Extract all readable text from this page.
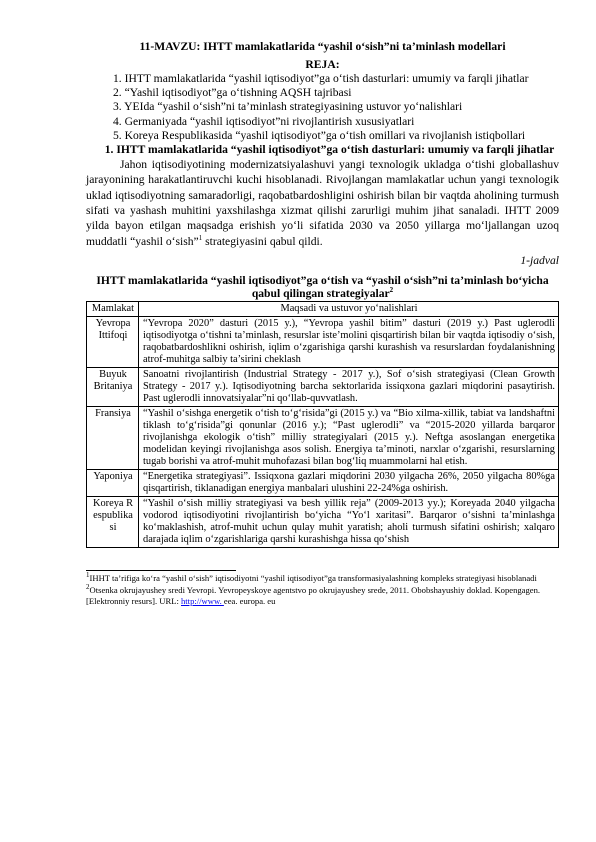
11-MAVZU: IHTT mamlakatlarida “yashil o‘sish”ni ta’minlash modellari

REJA:

1. IHTT mamlakatlarida “yashil iqtisodiyot”ga o‘tish dasturlari: umumiy va farqli jihatlar
2. “Yashil iqtisodiyot”ga o‘tishning AQSH tajribasi
3. YEIda “yashil o‘sish”ni ta’minlash strategiyasining ustuvor yo‘nalishlari
4. Germaniyada “yashil iqtisodiyot”ni rivojlantirish xususiyatlari
5. Koreya Respublikasida “yashil iqtisodiyot”ga o‘tish omillari va rivojlanish istiqbollari

1. IHTT mamlakatlarida “yashil iqtisodiyot”ga o‘tish dasturlari: umumiy va farqli jihatlar

Jahon iqtisodiyotining modernizatsiyalashuvi yangi texnologik ukladga o‘tishi globallashuv jarayonining harakatlantiruvchi kuchi hisoblanadi. Rivojlangan mamlakatlar uchun yangi texnologik uklad iqtisodiyotning samaradorligi, raqobatbardoshligini oshirish bilan bir vaqtda aholining turmush sifati va yashash muhitini yaxshilashga xizmat qilishi zarurligi muhim jihat sanaladi. IHTT 2009 yilda bayon etilgan maqsadga erishish yo‘li sifatida 2030 va 2050 yillarga mo‘ljallangan uzoq muddatli “yashil o‘sish”$^1$ strategiyasini qabul qildi.

1-jadval

IHTT mamlakatlarida “yashil iqtisodiyot”ga o‘tish va “yashil o‘sish”ni ta’minlash bo‘yicha qabul qilingan strategiyalar$^2$

Mamlakat	Maqsadi va ustuvor yo‘nalishlari
Yevropa Ittifoqi	“Yevropa 2020” dasturi (2015 y.), “Yevropa yashil bitim” dasturi (2019 y.) Past uglerodli iqtisodiyotga o‘tishni ta’minlash, resurslar iste’molini qisqartirish bilan bir vaqtda iqtisodiy o‘sish, raqobatbardoshlikni oshirish, iqlim o‘zgarishiga qarshi kurashish va resurslardan foydalanishning atrof-muhitga salbiy ta’sirini cheklash
Buyuk Britaniya	Sanoatni rivojlantirish (Industrial Strategy - 2017 y.), Sof o‘sish strategiyasi (Clean Growth Strategy - 2017 y.). Iqtisodiyotning barcha sektorlarida issiqxona gazlari miqdorini pasaytirish. Past uglerodli innovatsiyalar”ni qo‘llab-quvvatlash.
Fransiya	“Yashil o‘sishga energetik o‘tish to‘g‘risida”gi (2015 y.) va “Bio xilma-xillik, tabiat va landshaftni tiklash to‘g‘risida”gi qonunlar (2016 y.); “Past uglerodli” va “2015-2020 yillarda barqaror rivojlanishga ekologik o‘tish” milliy strategiyalari (2015 y.). Neftga asoslangan energetika modelidan keyingi rivojlanishga asos solish. Energiya ta’minoti, narxlar o‘zgarishi, resurslarning tugab borishi va atrof-muhit muhofazasi bilan bog‘liq muammolarni hal etish.
Yaponiya	“Energetika strategiyasi”. Issiqxona gazlari miqdorini 2030 yilgacha 26%, 2050 yilgacha 80%ga qisqartirish, tiklanadigan energiya manbalari ulushini 22-24%ga oshirish.
Koreya Respublika si	“Yashil o‘sish milliy strategiyasi va besh yillik reja” (2009-2013 yy.); Koreyada 2040 yilgacha vodorod iqtisodiyotini rivojlantirish bo‘yicha “Yo‘l xaritasi”. Barqaror o‘sishni ta’minlashga ko‘maklashish, atrof-muhit uchun qulay muhit yaratish; aholi turmush sifatini oshirish; xalqaro darajada iqlim o‘zgarishlariga qarshi kurashishga hissa qo‘shish

$^1$IHHT ta’rifiga ko‘ra “yashil o‘sish” iqtisodiyotni “yashil iqtisodiyot”ga transformasiyalashning kompleks strategiyasi hisoblanadi

$^2$Otsenka okrujayushey sredi Yevropi. Yevropeyskoye agentstvo po okrujayushey srede, 2011. Obobshayushiy doklad. Kopengagen. [Elektronniy resurs]. URL: http://www. eea. europa. eu
